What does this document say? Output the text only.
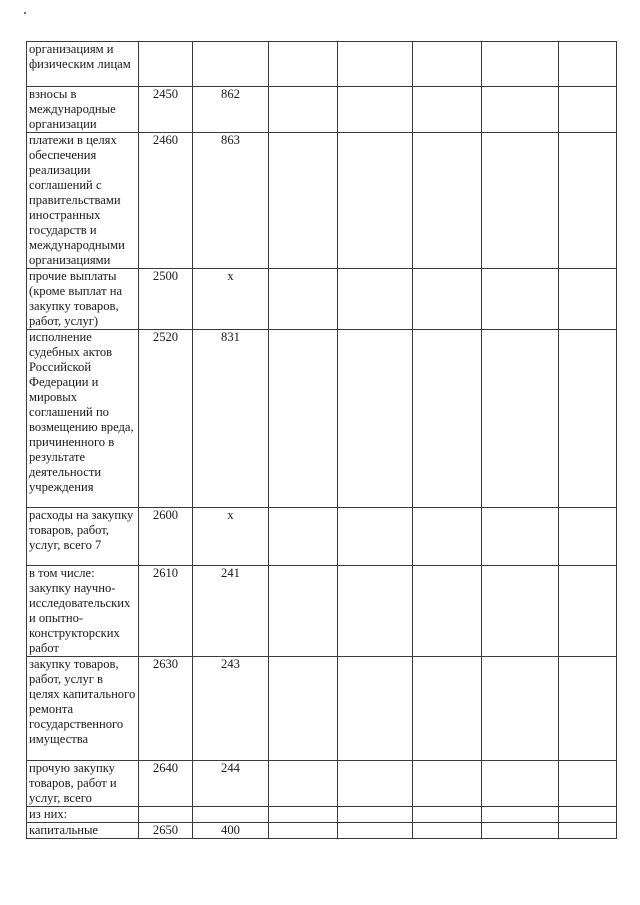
организациям и физическим лицам								
взносы в международные организации	2450	862						
платежи в целях обеспечения реализации соглашений с правительствами иностранных государств и международными организациями	2460	863						
прочие выплаты (кроме выплат на закупку товаров, работ, услуг)	2500	х						
исполнение судебных актов Российской Федерации и мировых соглашений по возмещению вреда, причиненного в результате деятельности учреждения	2520	831						
расходы на закупку товаров, работ, услуг, всего 7	2600	х						
в том числе: закупку научно-исследовательских и опытно-конструкторских работ	2610	241						
закупку товаров, работ, услуг в целях капитального ремонта государственного имущества	2630	243						
прочую закупку товаров, работ и услуг, всего	2640	244						
из них:								
капитальные	2650	400						
